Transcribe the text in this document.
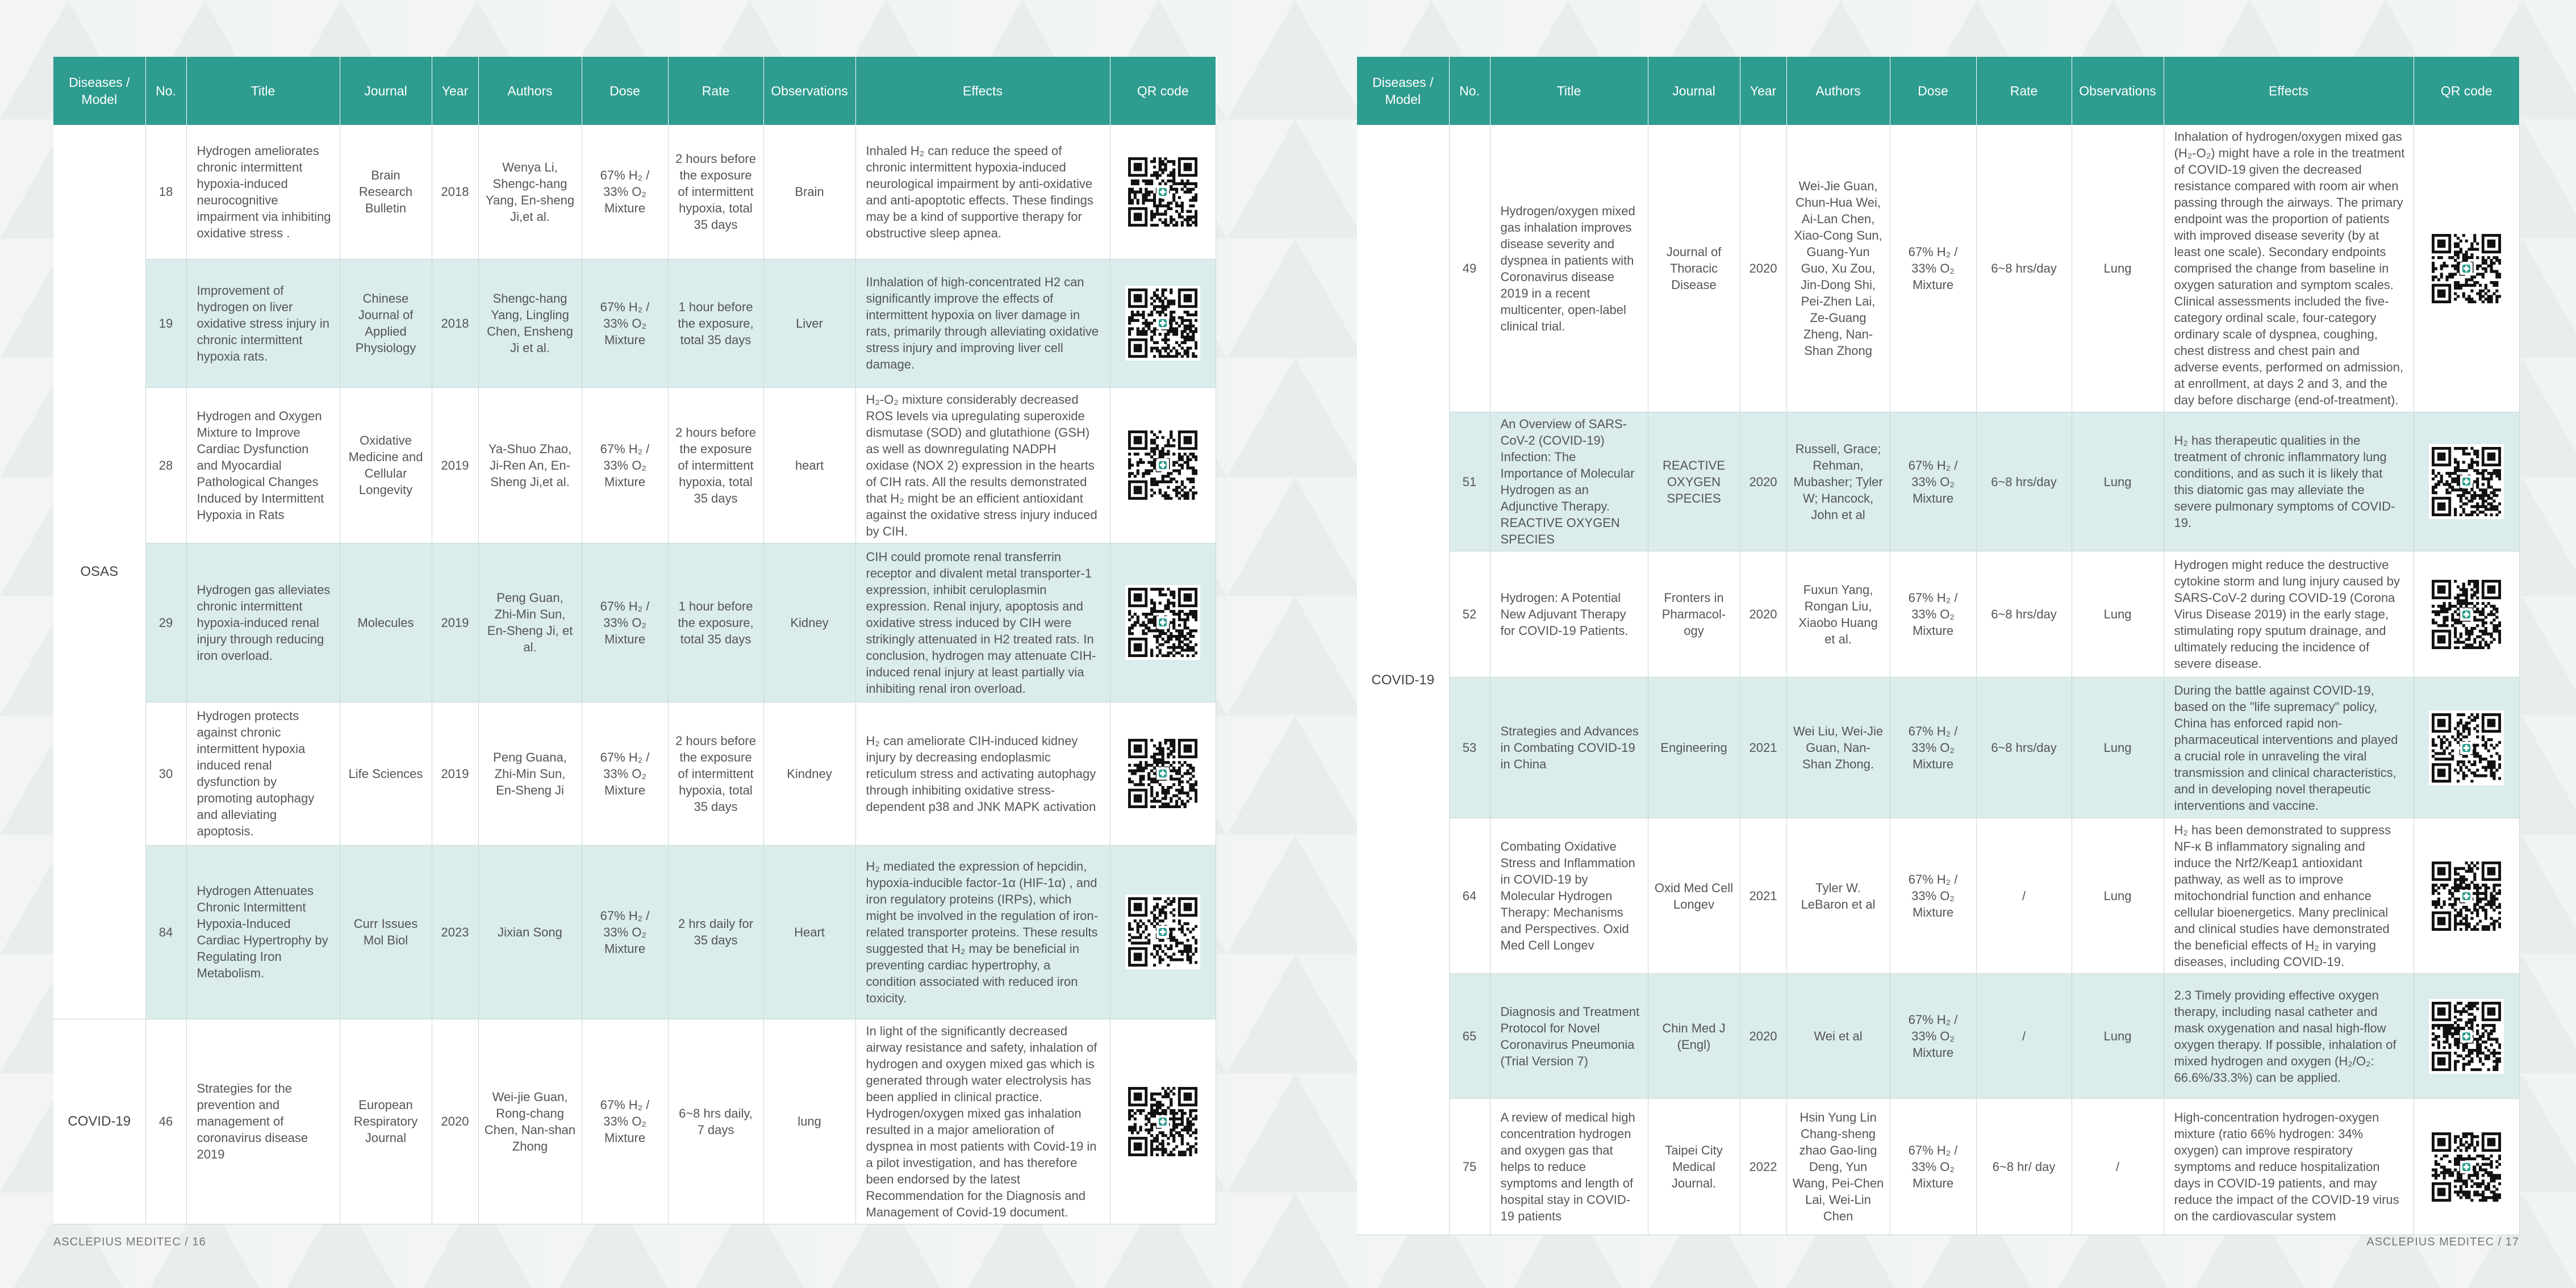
Diseases / Model	No.	Title	Journal	Year	Authors	Dose	Rate	Observations	Effects	QR code
OSAS	18	Hydrogen ameliorates chronic intermittent hypoxia-induced neurocognitive impairment via inhibiting oxidative stress .	Brain Research Bulletin	2018	Wenya Li, Shengc-hang Yang, En-sheng Ji,et al.	67% H₂ / 33% O₂ Mixture	2 hours before the exposure of intermittent hypoxia, total 35 days	Brain	Inhaled H₂ can reduce the speed of chronic intermittent hypoxia-induced neurological impairment by anti-oxidative and anti-apoptotic effects. These findings may be a kind of supportive therapy for obstructive sleep apnea.	

	19	Improvement of hydrogen on liver oxidative stress injury in chronic intermittent hypoxia rats.	Chinese Journal of Applied Physiology	2018	Shengc-hang Yang, Lingling Chen, Ensheng Ji et al.	67% H₂ / 33% O₂ Mixture	1 hour before the exposure, total 35 days	Liver	IInhalation of high-concentrated H2 can significantly improve the effects of intermittent hypoxia on liver damage in rats, primarily through alleviating oxidative stress injury and improving liver cell damage.	

	28	Hydrogen and Oxygen Mixture to Improve Cardiac Dysfunction and Myocardial Pathological Changes Induced by Intermittent Hypoxia in Rats	Oxidative Medicine and Cellular Longevity	2019	Ya-Shuo Zhao, Ji-Ren An, En-Sheng Ji,et al.	67% H₂ / 33% O₂ Mixture	2 hours before the exposure of intermittent hypoxia, total 35 days	heart	H₂-O₂ mixture considerably decreased ROS levels via upregulating superoxide dismutase (SOD) and glutathione (GSH) as well as downregulating NADPH oxidase (NOX 2) expression in the hearts of CIH rats. All the results demonstrated that H₂ might be an efficient antioxidant against the oxidative stress injury induced by CIH.	

	29	Hydrogen gas alleviates chronic intermittent hypoxia-induced renal injury through reducing iron overload.	Molecules	2019	Peng Guan, Zhi-Min Sun, En-Sheng Ji, et al.	67% H₂ / 33% O₂ Mixture	1 hour before the exposure, total 35 days	Kidney	CIH could promote renal transferrin receptor and divalent metal transporter-1 expression, inhibit ceruloplasmin expression. Renal injury, apoptosis and oxidative stress induced by CIH were strikingly attenuated in H2 treated rats. In conclusion, hydrogen may attenuate CIH-induced renal injury at least partially via inhibiting renal iron overload.	

	30	Hydrogen protects against chronic intermittent hypoxia induced renal dysfunction by promoting autophagy and alleviating apoptosis.	Life Sciences	2019	Peng Guana, Zhi-Min Sun, En-Sheng Ji	67% H₂ / 33% O₂ Mixture	2 hours before the exposure of intermittent hypoxia, total 35 days	Kindney	H₂ can ameliorate CIH-induced kidney injury by decreasing endoplasmic reticulum stress and activating autophagy through inhibiting oxidative stress-dependent p38 and JNK MAPK activation	

	84	Hydrogen Attenuates Chronic Intermittent Hypoxia-Induced Cardiac Hypertrophy by Regulating Iron Metabolism.	Curr Issues Mol Biol	2023	Jixian Song	67% H₂ / 33% O₂ Mixture	2 hrs daily for 35 days	Heart	H₂ mediated the expression of hepcidin, hypoxia-inducible factor-1α (HIF-1α) , and iron regulatory proteins (IRPs), which might be involved in the regulation of iron-related transporter proteins. These results suggested that H₂ may be beneficial in preventing cardiac hypertrophy, a condition associated with reduced iron toxicity.	

COVID-19	46	Strategies for the prevention and management of coronavirus disease 2019	European Respiratory Journal	2020	Wei-jie Guan, Rong-chang Chen, Nan-shan Zhong	67% H₂ / 33% O₂ Mixture	6~8 hrs daily, 7 days	lung	In light of the significantly decreased airway resistance and safety, inhalation of hydrogen and oxygen mixed gas which is generated through water electrolysis has been applied in clinical practice. Hydrogen/oxygen mixed gas inhalation resulted in a major amelioration of dyspnea in most patients with Covid-19 in a pilot investigation, and has therefore been endorsed by the latest Recommendation for the Diagnosis and Management of Covid-19 document.	
Diseases / Model	No.	Title	Journal	Year	Authors	Dose	Rate	Observations	Effects	QR code
COVID-19	49	Hydrogen/oxygen mixed gas inhalation improves disease severity and dyspnea in patients with Coronavirus disease 2019 in a recent multicenter, open-label clinical trial.	Journal of Thoracic Disease	2020	Wei-Jie Guan, Chun-Hua Wei, Ai-Lan Chen, Xiao-Cong Sun, Guang-Yun Guo, Xu Zou, Jin-Dong Shi, Pei-Zhen Lai, Ze-Guang Zheng, Nan-Shan Zhong	67% H₂ / 33% O₂ Mixture	6~8 hrs/day	Lung	Inhalation of hydrogen/oxygen mixed gas (H₂-O₂) might have a role in the treatment of COVID-19 given the decreased resistance compared with room air when passing through the airways. The primary endpoint was the proportion of patients with improved disease severity (by at least one scale). Secondary endpoints comprised the change from baseline in oxygen saturation and symptom scales. Clinical assessments included the five-category ordinal scale, four-category ordinary scale of dyspnea, coughing, chest distress and chest pain and adverse events, performed on admission, at enrollment, at days 2 and 3, and the day before discharge (end-of-treatment).	

	51	An Overview of SARS-CoV-2 (COVID-19) Infection: The Importance of Molecular Hydrogen as an Adjunctive Therapy. REACTIVE OXYGEN SPECIES	REACTIVE OXYGEN SPECIES	2020	Russell, Grace; Rehman, Mubasher; Tyler W; Hancock, John et al	67% H₂ / 33% O₂ Mixture	6~8 hrs/day	Lung	H₂ has therapeutic qualities in the treatment of chronic inflammatory lung conditions, and as such it is likely that this diatomic gas may alleviate the severe pulmonary symptoms of COVID-19.	

	52	Hydrogen: A Potential New Adjuvant Therapy for COVID-19 Patients.	Fronters in Pharmacol-ogy	2020	Fuxun Yang, Rongan Liu, Xiaobo Huang et al.	67% H₂ / 33% O₂ Mixture	6~8 hrs/day	Lung	Hydrogen might reduce the destructive cytokine storm and lung injury caused by SARS-CoV-2 during COVID-19 (Corona Virus Disease 2019) in the early stage, stimulating ropy sputum drainage, and ultimately reducing the incidence of severe disease.	

	53	Strategies and Advances in Combating COVID-19 in China	Engineering	2021	Wei Liu, Wei-Jie Guan, Nan-Shan Zhong.	67% H₂ / 33% O₂ Mixture	6~8 hrs/day	Lung	During the battle against COVID-19, based on the "life supremacy" policy, China has enforced rapid non-pharmaceutical interventions and played a crucial role in unraveling the viral transmission and clinical characteristics, and in developing novel therapeutic interventions and vaccine.	

	64	Combating Oxidative Stress and Inflammation in COVID-19 by Molecular Hydrogen Therapy: Mechanisms and Perspectives. Oxid Med Cell Longev	Oxid Med Cell Longev	2021	Tyler W. LeBaron et al	67% H₂ / 33% O₂ Mixture	/	Lung	H₂ has been demonstrated to suppress NF-κ B inflammatory signaling and induce the Nrf2/Keap1 antioxidant pathway, as well as to improve mitochondrial function and enhance cellular bioenergetics. Many preclinical and clinical studies have demonstrated the beneficial effects of H₂ in varying diseases, including COVID-19.	

	65	Diagnosis and Treatment Protocol for Novel Coronavirus Pneumonia (Trial Version 7)	Chin Med J (Engl)	2020	Wei et al	67% H₂ / 33% O₂ Mixture	/	Lung	2.3 Timely providing effective oxygen therapy, including nasal catheter and mask oxygenation and nasal high-flow oxygen therapy. If possible, inhalation of mixed hydrogen and oxygen (H₂/O₂: 66.6%/33.3%) can be applied.	

	75	A review of medical high concentration hydrogen and oxygen gas that helps to reduce symptoms and length of hospital stay in COVID-19 patients	Taipei City Medical Journal.	2022	Hsin Yung Lin Chang-sheng zhao Gao-ling Deng, Yun Wang, Pei-Chen Lai, Wei-Lin Chen	67% H₂ / 33% O₂ Mixture	6~8 hr/ day	/	High-concentration hydrogen-oxygen mixture (ratio 66% hydrogen: 34% oxygen) can improve respiratory symptoms and reduce hospitalization days in COVID-19 patients, and may reduce the impact of the COVID-19 virus on the cardiovascular system	
ASCLEPIUS MEDITEC / 16	ASCLEPIUS MEDITEC / 17
